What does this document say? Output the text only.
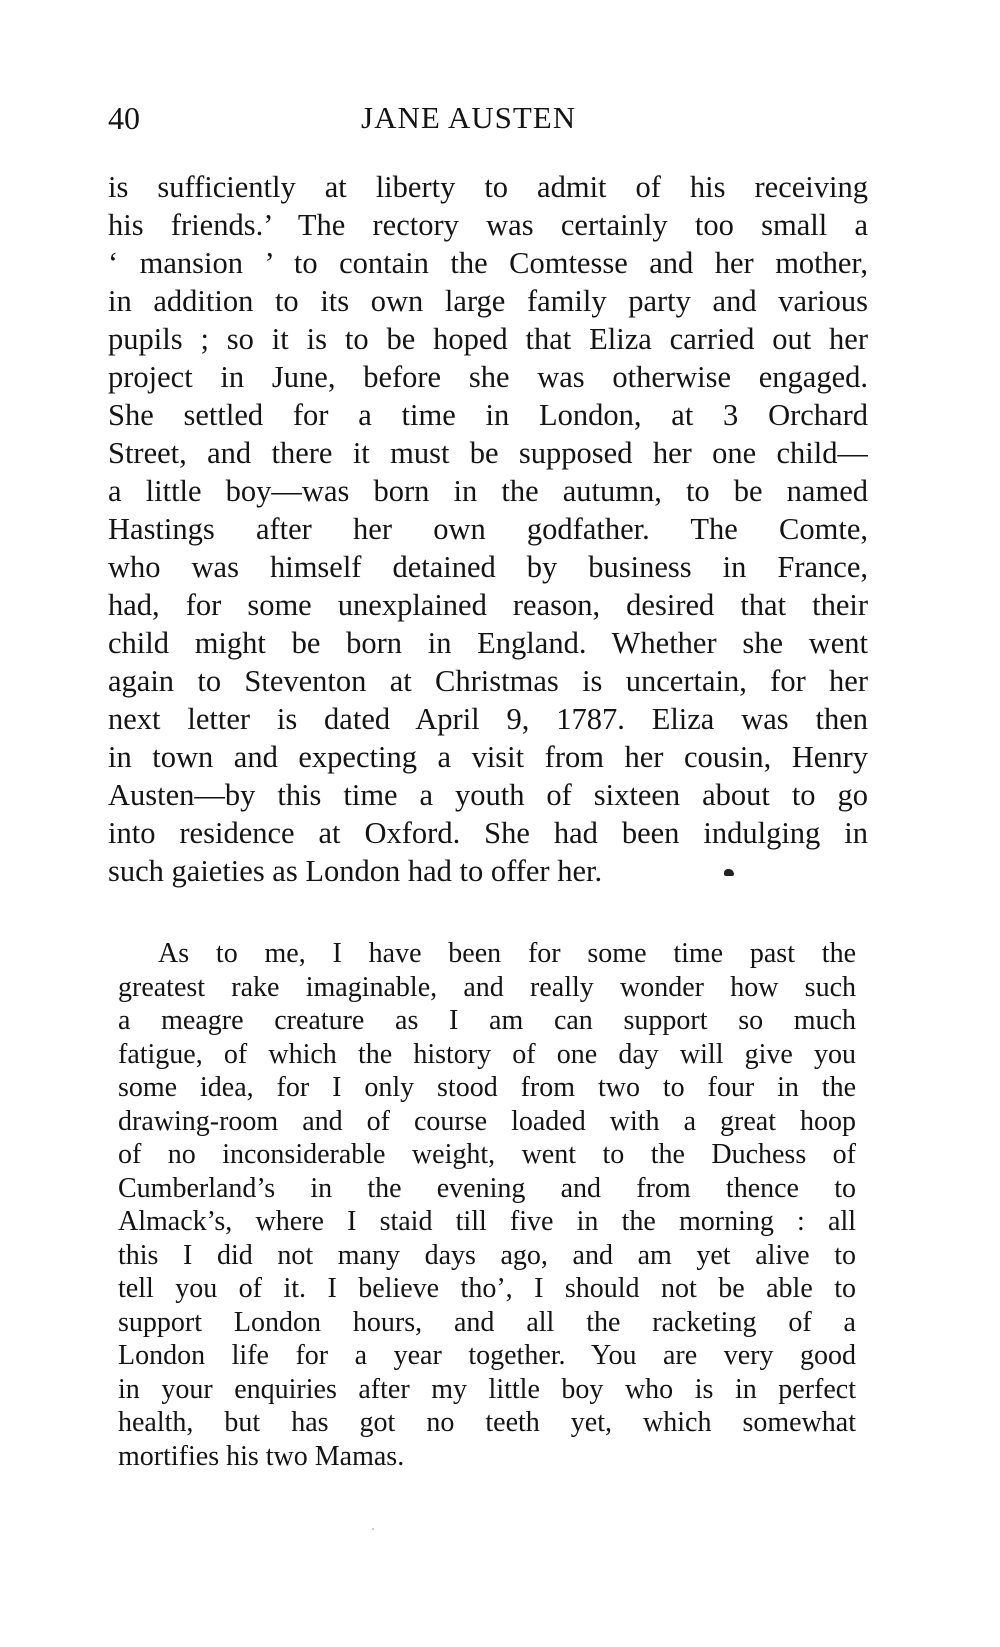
40	JANE AUSTEN
is sufficiently at liberty to admit of his receiving
his friends.’ The rectory was certainly too small a
‘ mansion ’ to contain the Comtesse and her mother,
in addition to its own large family party and various
pupils ; so it is to be hoped that Eliza carried out her
project in June, before she was otherwise engaged.
She settled for a time in London, at 3 Orchard
Street, and there it must be supposed her one child—
a little boy—was born in the autumn, to be named
Hastings after her own godfather. The Comte,
who was himself detained by business in France,
had, for some unexplained reason, desired that their
child might be born in England. Whether she went
again to Steventon at Christmas is uncertain, for her
next letter is dated April 9, 1787. Eliza was then
in town and expecting a visit from her cousin, Henry
Austen—by this time a youth of sixteen about to go
into residence at Oxford. She had been indulging in
such gaieties as London had to offer her.
As to me, I have been for some time past the
greatest rake imaginable, and really wonder how such
a meagre creature as I am can support so much
fatigue, of which the history of one day will give you
some idea, for I only stood from two to four in the
drawing-room and of course loaded with a great hoop
of no inconsiderable weight, went to the Duchess of
Cumberland’s in the evening and from thence to
Almack’s, where I staid till five in the morning : all
this I did not many days ago, and am yet alive to
tell you of it. I believe tho’, I should not be able to
support London hours, and all the racketing of a
London life for a year together. You are very good
in your enquiries after my little boy who is in perfect
health, but has got no teeth yet, which somewhat
mortifies his two Mamas.
